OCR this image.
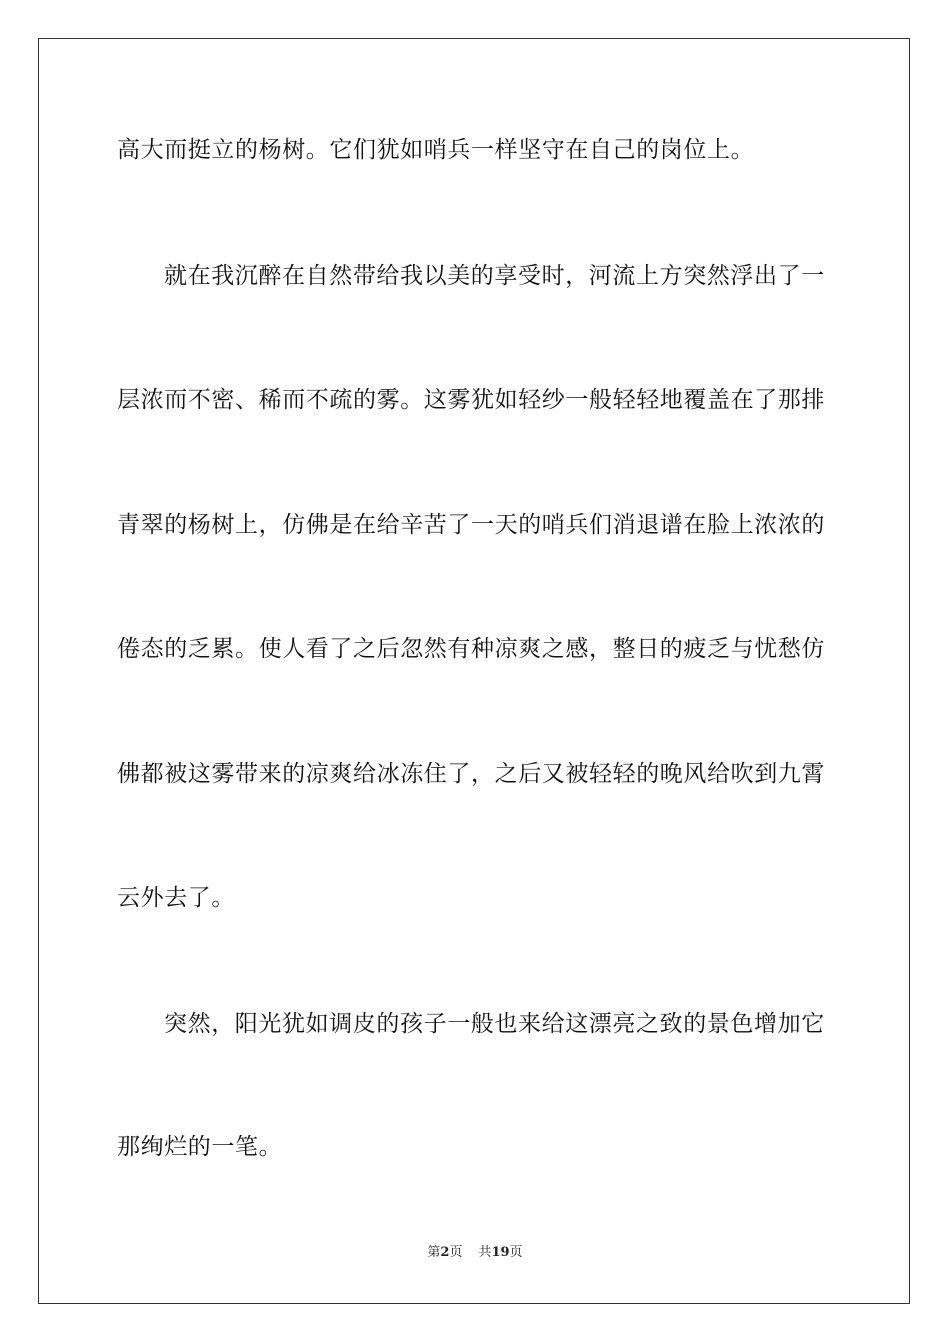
高大而挺立的杨树。它们犹如哨兵一样坚守在自己的岗位上。
就在我沉醉在自然带给我以美的享受时，河流上方突然浮出了一
层浓而不密、稀而不疏的雾。这雾犹如轻纱一般轻轻地覆盖在了那排
青翠的杨树上，仿佛是在给辛苦了一天的哨兵们消退谱在脸上浓浓的
倦态的乏累。使人看了之后忽然有种凉爽之感，整日的疲乏与忧愁仿
佛都被这雾带来的凉爽给冰冻住了，之后又被轻轻的晚风给吹到九霄
云外去了。
突然，阳光犹如调皮的孩子一般也来给这漂亮之致的景色增加它
那绚烂的一笔。
第2页 共19页
